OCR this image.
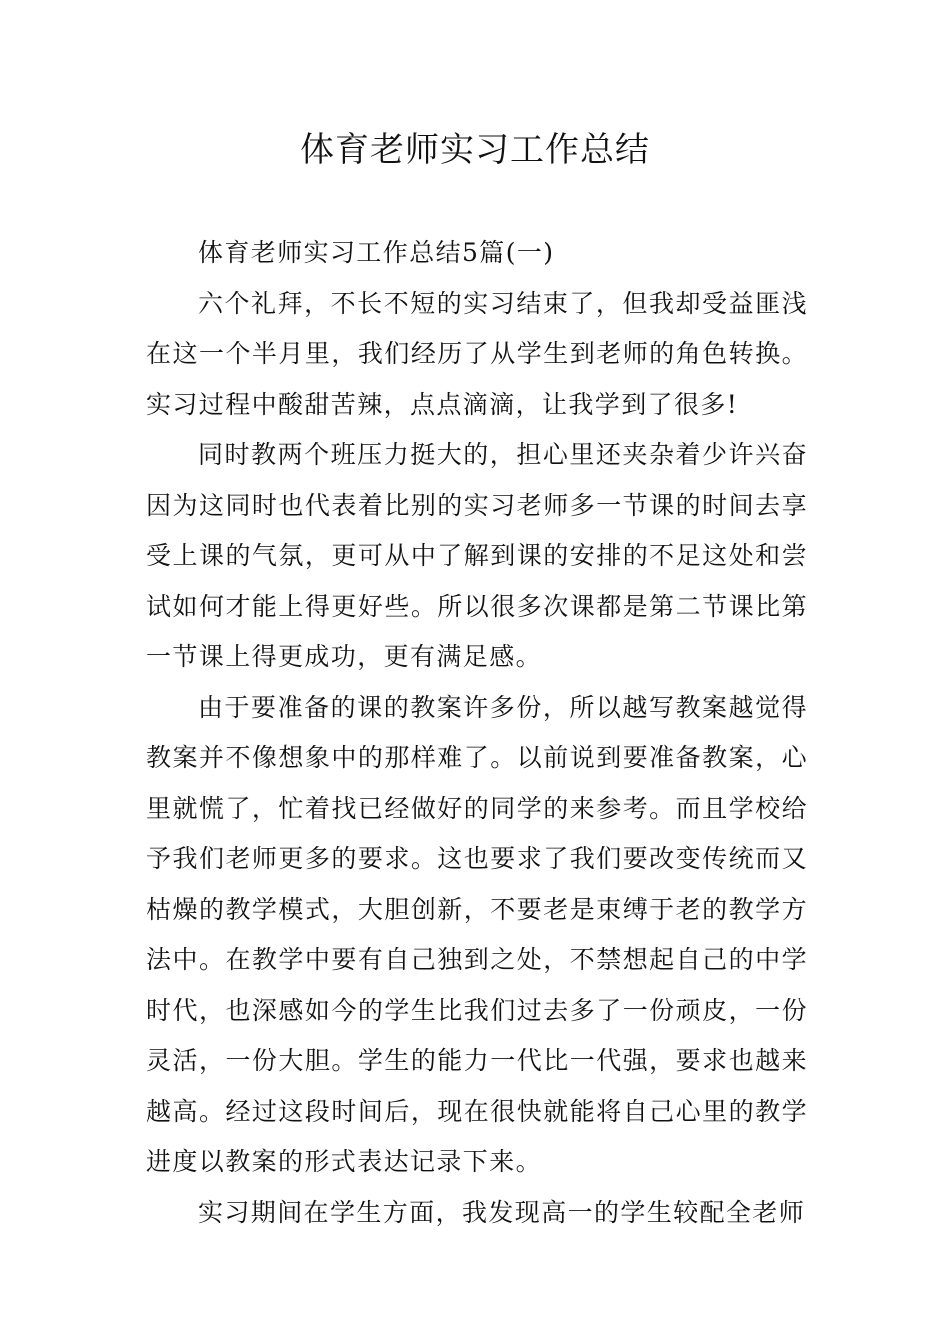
体育老师实习工作总结

体育老师实习工作总结5篇(一)

六个礼拜，不长不短的实习结束了，但我却受益匪浅在这一个半月里，我们经历了从学生到老师的角色转换。实习过程中酸甜苦辣，点点滴滴，让我学到了很多!

同时教两个班压力挺大的，担心里还夹杂着少许兴奋因为这同时也代表着比别的实习老师多一节课的时间去享受上课的气氛，更可从中了解到课的安排的不足这处和尝试如何才能上得更好些。所以很多次课都是第二节课比第一节课上得更成功，更有满足感。

由于要准备的课的教案许多份，所以越写教案越觉得教案并不像想象中的那样难了。以前说到要准备教案，心里就慌了，忙着找已经做好的同学的来参考。而且学校给予我们老师更多的要求。这也要求了我们要改变传统而又枯燥的教学模式，大胆创新，不要老是束缚于老的教学方法中。在教学中要有自己独到之处，不禁想起自己的中学时代，也深感如今的学生比我们过去多了一份顽皮，一份灵活，一份大胆。学生的能力一代比一代强，要求也越来越高。经过这段时间后，现在很快就能将自己心里的教学进度以教案的形式表达记录下来。

实习期间在学生方面，我发现高一的学生较配全老师
